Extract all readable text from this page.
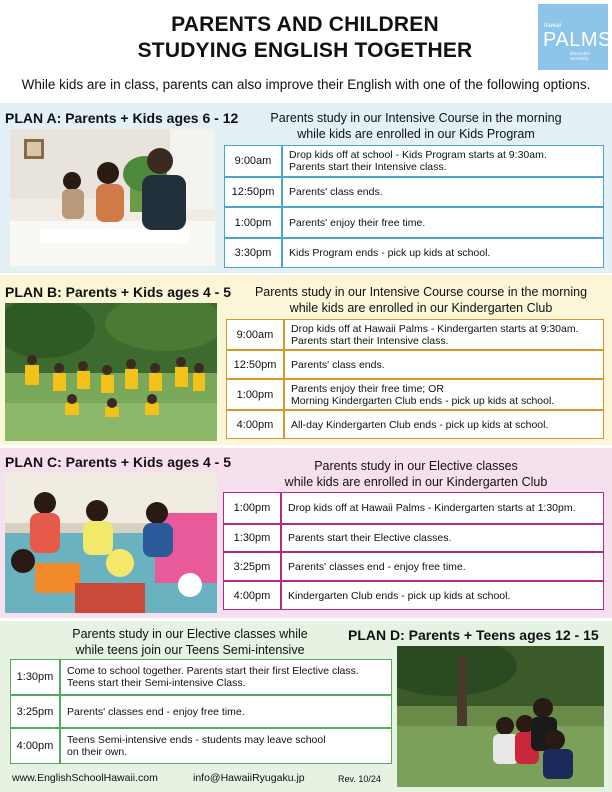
PARENTS AND CHILDREN
STUDYING ENGLISH TOGETHER
hawaii
PALMS
ENGLISH SCHOOL
While kids are in class, parents can also improve their English with one of the following options.
PLAN A: Parents + Kids ages 6 - 12	Parents study in our Intensive Course in the morning
while kids are enrolled in our Kids Program
9:00am	Drop kids off at school - Kids Program starts at 9:30am.
Parents start their Intensive class.

12:50pm	Parents' class ends.
1:00pm	Parents' enjoy their free time.
3:30pm	Kids Program ends - pick up kids at school.
PLAN B: Parents + Kids ages 4 - 5	Parents study in our Intensive Course course in the morning
while kids are enrolled in our Kindergarten Club
9:00am	Drop kids off at Hawaii Palms - Kindergarten starts at 9:30am.
Parents start their Intensive class.

12:50pm	Parents' class ends.
1:00pm	Parents enjoy their free time; OR
Morning Kindergarten Club ends - pick up kids at school.

4:00pm	All-day Kindergarten Club ends - pick up kids at school.
PLAN C: Parents + Kids ages 4 - 5	Parents study in our Elective classes
while kids are enrolled in our Kindergarten Club
1:00pm	Drop kids off at Hawaii Palms - Kindergarten starts at 1:30pm.
1:30pm	Parents start their Elective classes.
3:25pm	Parents' classes end - enjoy free time.
4:00pm	Kindergarten Club ends - pick up kids at school.
Parents study in our Elective classes while
while teens join our Teens Semi-intensive
PLAN D: Parents + Teens ages 12 - 15
1:30pm	Come to school together. Parents start their first Elective class.
Teens start their Semi-intensive Class.

3:25pm	Parents' classes end - enjoy free time.
4:00pm	Teens Semi-intensive ends - students may leave school
on their own.
www.EnglishSchoolHawaii.com	info@HawaiiRyugaku.jp	Rev. 10/24
